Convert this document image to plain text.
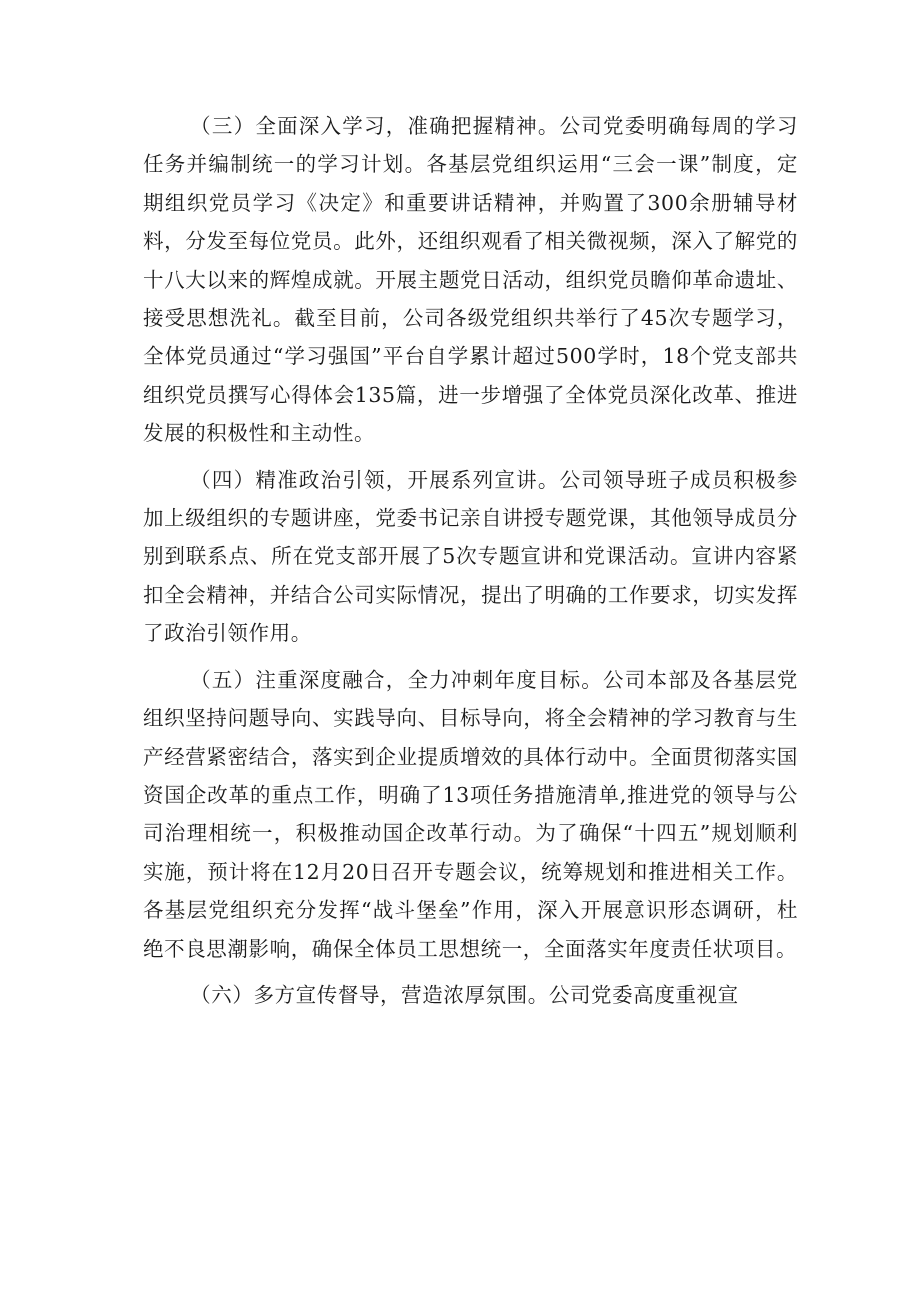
（三）全面深入学习，准确把握精神。公司党委明确每周的学习任务并编制统一的学习计划。各基层党组织运用“三会一课”制度，定期组织党员学习《决定》和重要讲话精神，并购置了300余册辅导材料，分发至每位党员。此外，还组织观看了相关微视频，深入了解党的十八大以来的辉煌成就。开展主题党日活动，组织党员瞻仰革命遗址、接受思想洗礼。截至目前，公司各级党组织共举行了45次专题学习，全体党员通过“学习强国”平台自学累计超过500学时，18个党支部共组织党员撰写心得体会135篇，进一步增强了全体党员深化改革、推进发展的积极性和主动性。

（四）精准政治引领，开展系列宣讲。公司领导班子成员积极参加上级组织的专题讲座，党委书记亲自讲授专题党课，其他领导成员分别到联系点、所在党支部开展了5次专题宣讲和党课活动。宣讲内容紧扣全会精神，并结合公司实际情况，提出了明确的工作要求，切实发挥了政治引领作用。

（五）注重深度融合，全力冲刺年度目标。公司本部及各基层党组织坚持问题导向、实践导向、目标导向，将全会精神的学习教育与生产经营紧密结合，落实到企业提质增效的具体行动中。全面贯彻落实国资国企改革的重点工作，明确了13项任务措施清单,推进党的领导与公司治理相统一，积极推动国企改革行动。为了确保“十四五”规划顺利实施，预计将在12月20日召开专题会议，统筹规划和推进相关工作。各基层党组织充分发挥“战斗堡垒”作用，深入开展意识形态调研，杜绝不良思潮影响，确保全体员工思想统一，全面落实年度责任状项目。

（六）多方宣传督导，营造浓厚氛围。公司党委高度重视宣
